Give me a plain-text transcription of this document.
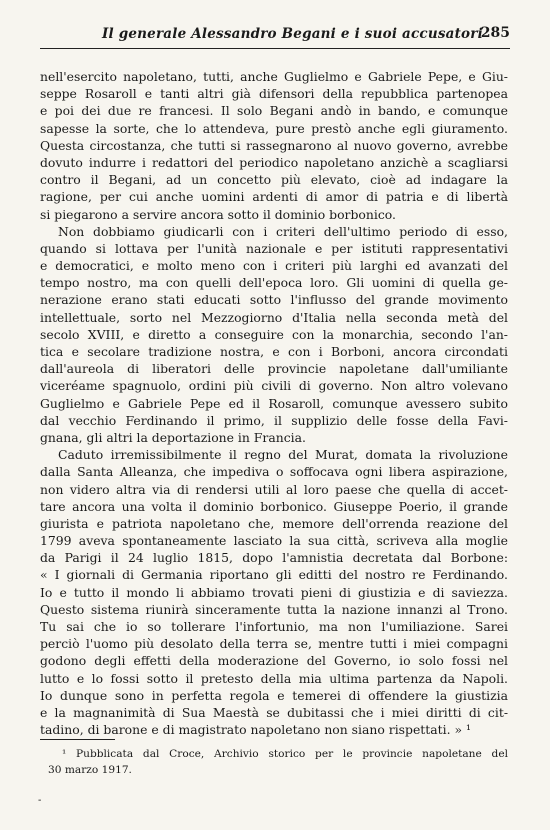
Il generale Alessandro Begani e i suoi accusatori
285
nell'esercito napoletano, tutti, anche Guglielmo e Gabriele Pepe, e Giu-
seppe Rosaroll e tanti altri già difensori della repubblica partenopea
e poi dei due re francesi. Il solo Begani andò in bando, e comunque
sapesse la sorte, che lo attendeva, pure prestò anche egli giuramento.
Questa circostanza, che tutti si rassegnarono al nuovo governo, avrebbe
dovuto indurre i redattori del periodico napoletano anzichè a scagliarsi
contro il Begani, ad un concetto più elevato, cioè ad indagare la
ragione, per cui anche uomini ardenti di amor di patria e di libertà
si piegarono a servire ancora sotto il dominio borbonico.
Non dobbiamo giudicarli con i criteri dell'ultimo periodo di esso,
quando si lottava per l'unità nazionale e per istituti rappresentativi
e democratici, e molto meno con i criteri più larghi ed avanzati del
tempo nostro, ma con quelli dell'epoca loro. Gli uomini di quella ge-
nerazione erano stati educati sotto l'influsso del grande movimento
intellettuale, sorto nel Mezzogiorno d'Italia nella seconda metà del
secolo XVIII, e diretto a conseguire con la monarchia, secondo l'an-
tica e secolare tradizione nostra, e con i Borboni, ancora circondati
dall'aureola di liberatori delle provincie napoletane dall'umiliante
viceréame spagnuolo, ordini più civili di governo. Non altro volevano
Guglielmo e Gabriele Pepe ed il Rosaroll, comunque avessero subito
dal vecchio Ferdinando il primo, il supplizio delle fosse della Favi-
gnana, gli altri la deportazione in Francia.
Caduto irremissibilmente il regno del Murat, domata la rivoluzione
dalla Santa Alleanza, che impediva o soffocava ogni libera aspirazione,
non videro altra via di rendersi utili al loro paese che quella di accet-
tare ancora una volta il dominio borbonico. Giuseppe Poerio, il grande
giurista e patriota napoletano che, memore dell'orrenda reazione del
1799 aveva spontaneamente lasciato la sua città, scriveva alla moglie
da Parigi il 24 luglio 1815, dopo l'amnistia decretata dal Borbone:
« I giornali di Germania riportano gli editti del nostro re Ferdinando.
Io e tutto il mondo li abbiamo trovati pieni di giustizia e di saviezza.
Questo sistema riunirà sinceramente tutta la nazione innanzi al Trono.
Tu sai che io so tollerare l'infortunio, ma non l'umiliazione. Sarei
perciò l'uomo più desolato della terra se, mentre tutti i miei compagni
godono degli effetti della moderazione del Governo, io solo fossi nel
lutto e lo fossi sotto il pretesto della mia ultima partenza da Napoli.
Io dunque sono in perfetta regola e temerei di offendere la giustizia
e la magnanimità di Sua Maestà se dubitassi che i miei diritti di cit-
tadino, di barone e di magistrato napoletano non siano rispettati. » ¹
¹ Pubblicata dal Croce, Archivio storico per le provincie napoletane del
30 marzo 1917.
-
